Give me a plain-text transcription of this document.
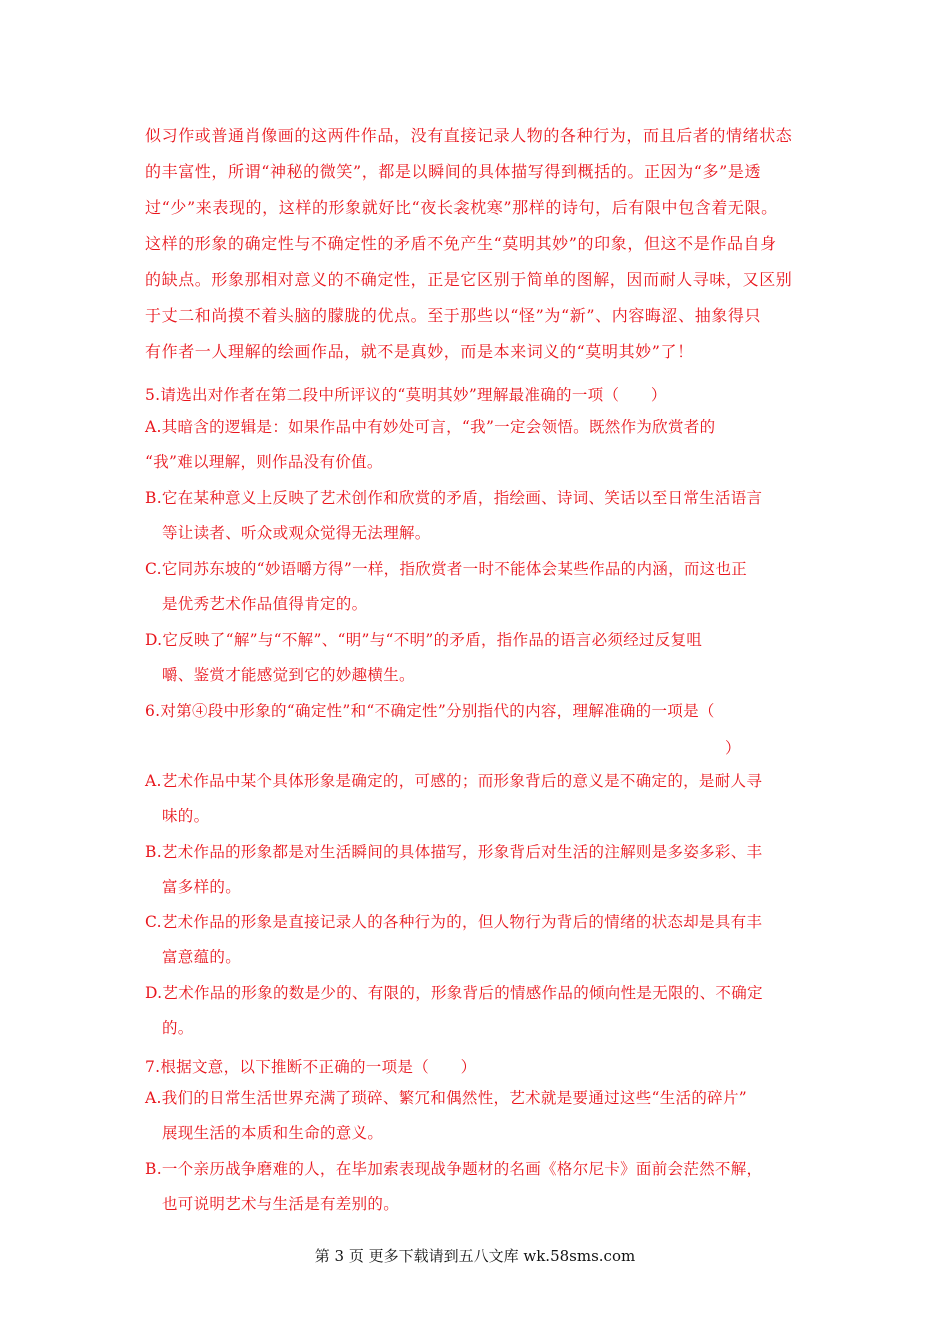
似习作或普通肖像画的这两件作品，没有直接记录人物的各种行为，而且后者的情绪状态
的丰富性，所谓“神秘的微笑”，都是以瞬间的具体描写得到概括的。正因为“多”是透
过“少”来表现的，这样的形象就好比“夜长衾枕寒”那样的诗句，后有限中包含着无限。
这样的形象的确定性与不确定性的矛盾不免产生“莫明其妙”的印象，但这不是作品自身
的缺点。形象那相对意义的不确定性，正是它区别于简单的图解，因而耐人寻味，又区别
于丈二和尚摸不着头脑的朦胧的优点。至于那些以“怪”为“新”、内容晦涩、抽象得只
有作者一人理解的绘画作品，就不是真妙，而是本来词义的“莫明其妙”了！
5.请选出对作者在第二段中所评议的“莫明其妙”理解最准确的一项（　　）
A.其暗含的逻辑是：如果作品中有妙处可言，“我”一定会领悟。既然作为欣赏者的
“我”难以理解，则作品没有价值。
B.它在某种意义上反映了艺术创作和欣赏的矛盾，指绘画、诗词、笑话以至日常生活语言
等让读者、听众或观众觉得无法理解。
C.它同苏东坡的“妙语嚼方得”一样，指欣赏者一时不能体会某些作品的内涵，而这也正
是优秀艺术作品值得肯定的。
D.它反映了“解”与“不解”、“明”与“不明”的矛盾，指作品的语言必须经过反复咀
嚼、鉴赏才能感觉到它的妙趣横生。
6.对第④段中形象的“确定性”和“不确定性”分别指代的内容，理解准确的一项是（
）
A.艺术作品中某个具体形象是确定的，可感的；而形象背后的意义是不确定的，是耐人寻
味的。
B.艺术作品的形象都是对生活瞬间的具体描写，形象背后对生活的注解则是多姿多彩、丰
富多样的。
C.艺术作品的形象是直接记录人的各种行为的，但人物行为背后的情绪的状态却是具有丰
富意蕴的。
D.艺术作品的形象的数是少的、有限的，形象背后的情感作品的倾向性是无限的、不确定
的。
7.根据文意，以下推断不正确的一项是（　　）
A.我们的日常生活世界充满了琐碎、繁冗和偶然性，艺术就是要通过这些“生活的碎片”
展现生活的本质和生命的意义。
B.一个亲历战争磨难的人，在毕加索表现战争题材的名画《格尔尼卡》面前会茫然不解，
也可说明艺术与生活是有差别的。
第 3 页 更多下载请到五八文库 wk.58sms.com
